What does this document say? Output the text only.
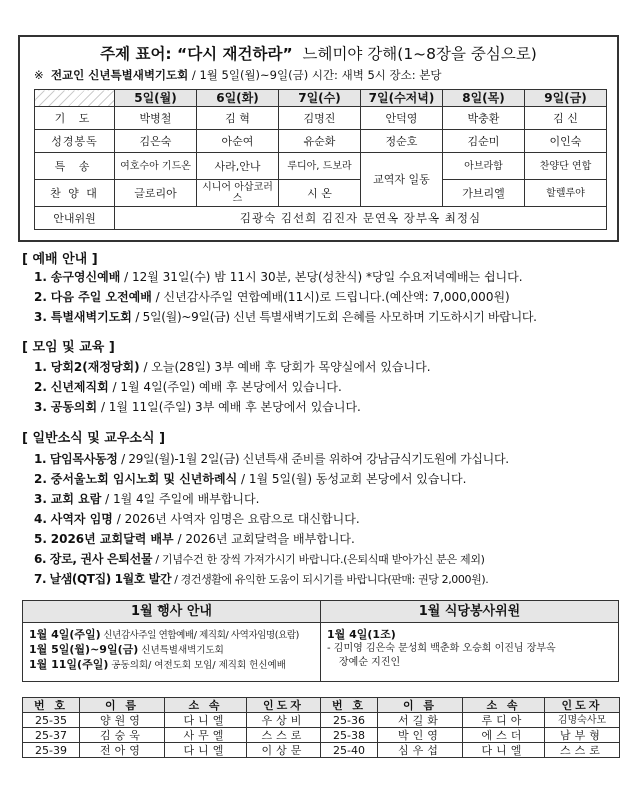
주제 표어: “다시 재건하라” 느헤미야 강해(1~8장을 중심으로)
※ 전교인 신년특별새벽기도회 / 1월 5일(월)~9일(금) 시간: 새벽 5시 장소: 본당
	5일(월)	6일(화)	7일(수)	7일(수저녁)	8일(목)	9일(금)
기 도	박병철	김 혁	김명진	안덕영	박충환	김 신
성경봉독	김은숙	아순여	유순화	정순호	김순미	이인숙
특 송	여호수아 기드온	사라,안나	루디아, 드보라	교역자 일동	아브라함	찬양단 연합
찬 양 대	글로리아	시니어 아삽코러스	시 온		가브리엘	할렐루야
안내위원	김광숙 김선희 김진자 문연옥 장부옥 최정심					
[ 예배 안내 ]
1. 송구영신예배 / 12월 31일(수) 밤 11시 30분, 본당(성찬식) *당일 수요저녁예배는 쉽니다.
2. 다음 주일 오전예배 / 신년감사주일 연합예배(11시)로 드립니다.(예산액: 7,000,000원)
3. 특별새벽기도회 / 5일(월)~9일(금) 신년 특별새벽기도회 은혜를 사모하며 기도하시기 바랍니다.
[ 모임 및 교육 ]
1. 당회2(재정당회) / 오늘(28일) 3부 예배 후 당회가 목양실에서 있습니다.
2. 신년제직회 / 1월 4일(주일) 예배 후 본당에서 있습니다.
3. 공동의회 / 1월 11일(주일) 3부 예배 후 본당에서 있습니다.
[ 일반소식 및 교우소식 ]
1. 담임목사동정 / 29일(월)-1월 2일(금) 신년특새 준비를 위하여 강남금식기도원에 가십니다.
2. 중서울노회 임시노회 및 신년하례식 / 1월 5일(월) 동성교회 본당에서 있습니다.
3. 교회 요람 / 1월 4일 주일에 배부합니다.
4. 사역자 임명 / 2026년 사역자 임명은 요람으로 대신합니다.
5. 2026년 교회달력 배부 / 2026년 교회달력을 배부합니다.
6. 장로, 권사 은퇴선물 / 기념수건 한 장씩 가져가시기 바랍니다.(은퇴식때 받아가신 분은 제외)
7. 날샘(QT집) 1월호 발간 / 경건생활에 유익한 도움이 되시기를 바랍니다(판매: 권당 2,000원).
1월 행사 안내
1월 4일(주일) 신년감사주일 연합예배/ 제직회/ 사역자임명(요람)
1월 5일(월)~9일(금) 신년특별새벽기도회
1월 11일(주일) 공동의회/ 여전도회 모임/ 제직회 헌신예배
1월 식당봉사위원
1월 4일(1조)
- 김미영 김은숙 문성희 백춘화 오승희 이진님 장부옥
장예순 지진인
번 호	이 름	소 속	인도자	번 호	이 름	소 속	인도자
25-35	양원영	다니엘	우상비	25-36	서길화	루디아	김명숙사모
25-37	김숭욱	사무엘	스스로	25-38	박인영	에스더	남부형
25-39	전아영	다니엘	이상문	25-40	심우섭	다니엘	스스로
